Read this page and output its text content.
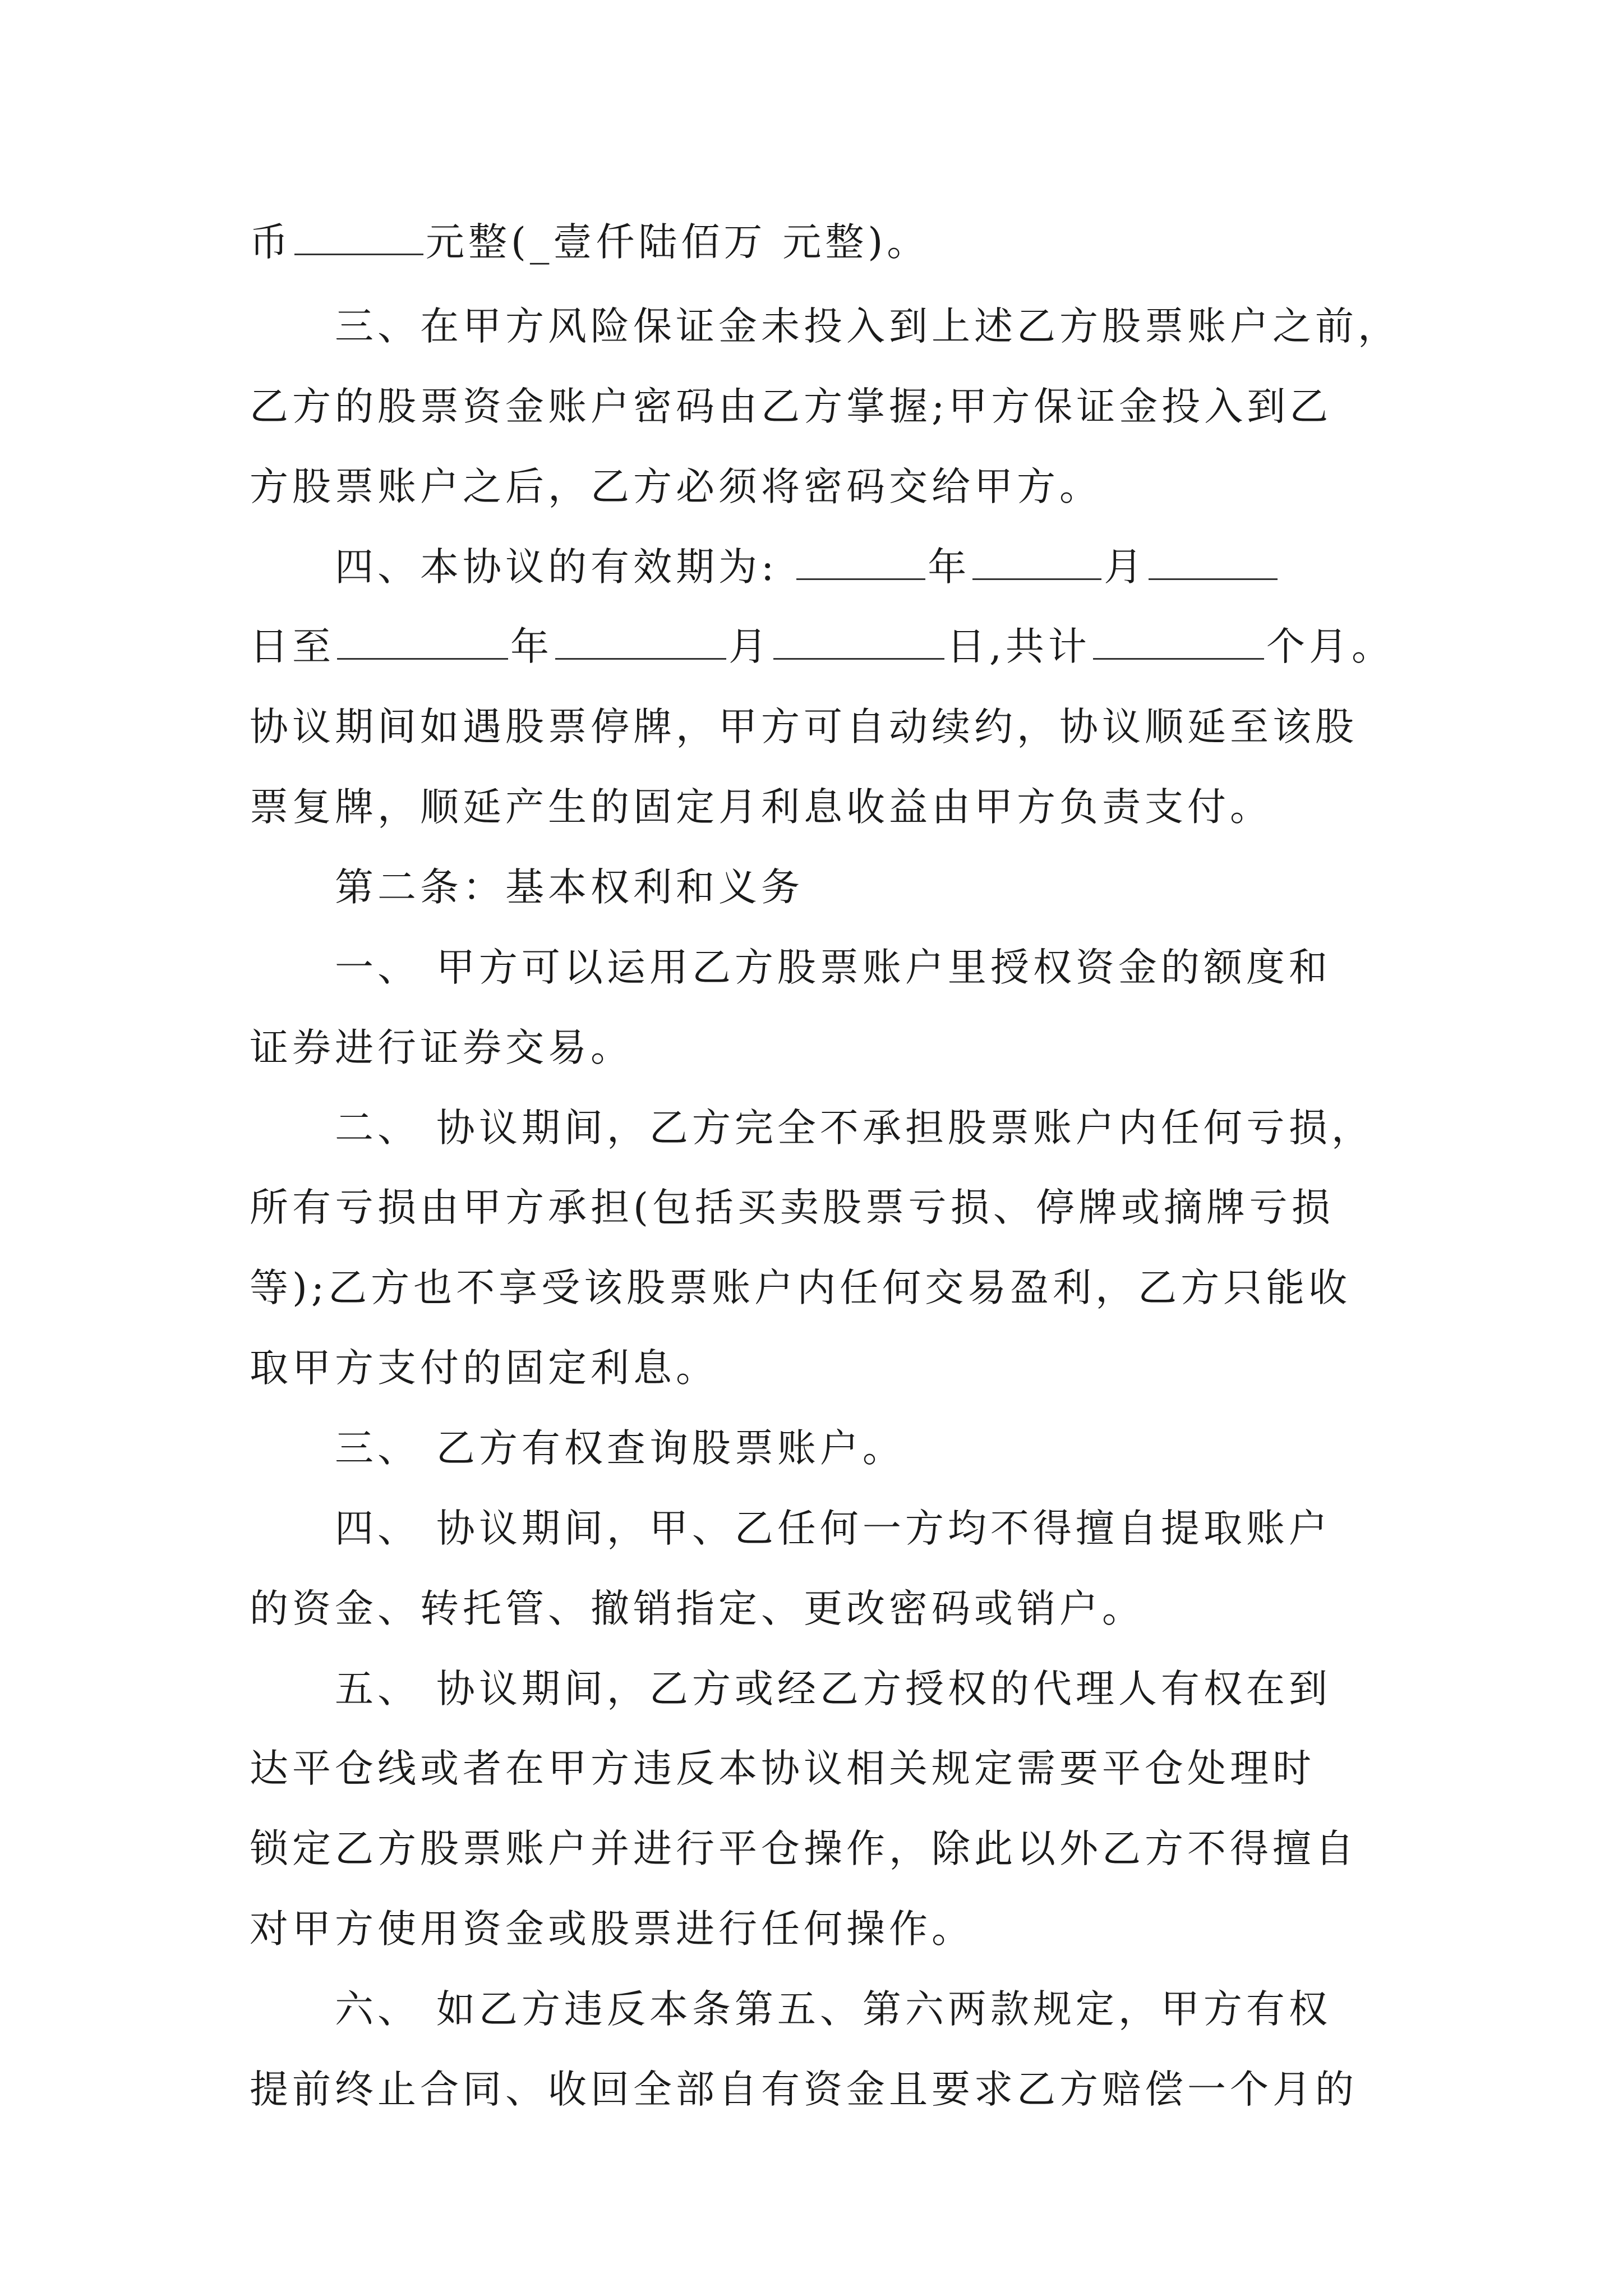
币	元整(_壹仟陆佰万 元整)。
三、在甲方风险保证金未投入到上述乙方股票账户之前，
乙方的股票资金账户密码由乙方掌握;甲方保证金投入到乙
方股票账户之后，乙方必须将密码交给甲方。
四、本协议的有效期为:	年	月
日至	年	月	日,共计	个月。
协议期间如遇股票停牌，甲方可自动续约，协议顺延至该股
票复牌，顺延产生的固定月利息收益由甲方负责支付。
第二条：基本权利和义务
一、 甲方可以运用乙方股票账户里授权资金的额度和
证券进行证券交易。
二、 协议期间，乙方完全不承担股票账户内任何亏损，
所有亏损由甲方承担(包括买卖股票亏损、停牌或摘牌亏损
等);乙方也不享受该股票账户内任何交易盈利，乙方只能收
取甲方支付的固定利息。
三、 乙方有权查询股票账户。
四、 协议期间，甲、乙任何一方均不得擅自提取账户
的资金、转托管、撤销指定、更改密码或销户。
五、 协议期间，乙方或经乙方授权的代理人有权在到
达平仓线或者在甲方违反本协议相关规定需要平仓处理时
锁定乙方股票账户并进行平仓操作，除此以外乙方不得擅自
对甲方使用资金或股票进行任何操作。
六、 如乙方违反本条第五、第六两款规定，甲方有权
提前终止合同、收回全部自有资金且要求乙方赔偿一个月的
